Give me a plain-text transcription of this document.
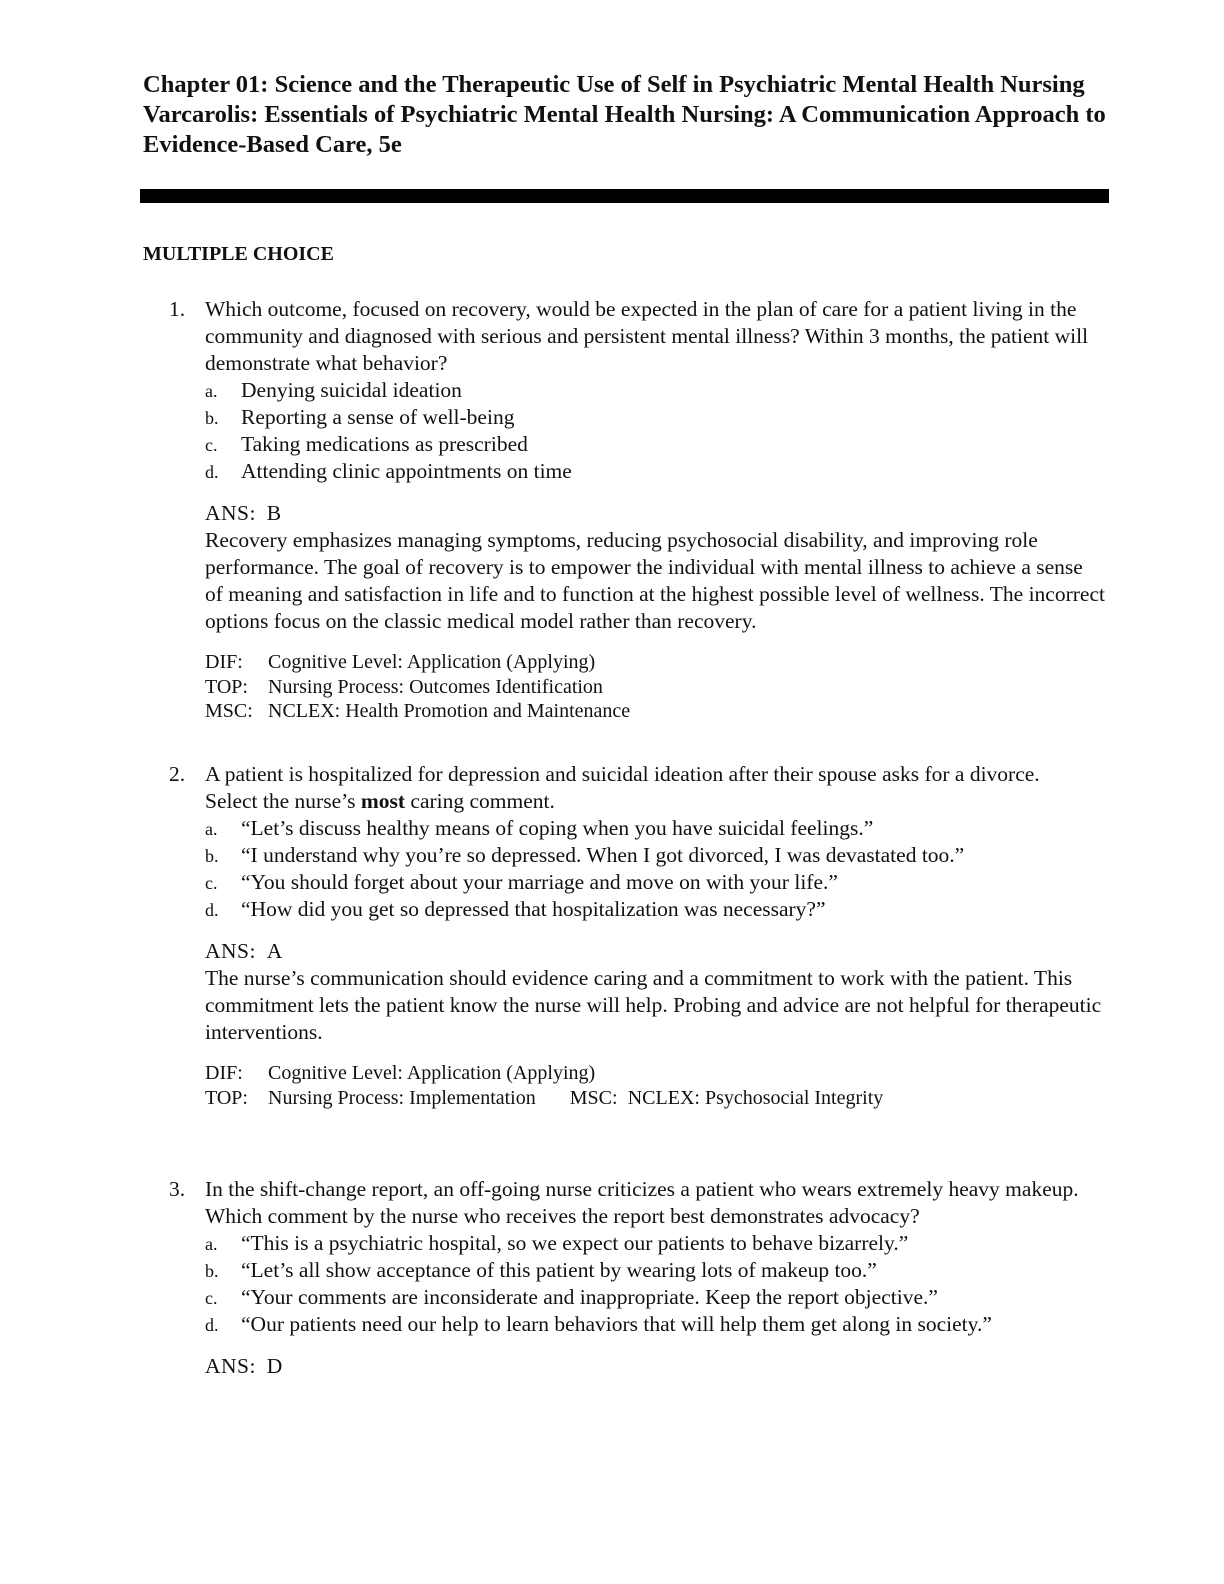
Chapter 01: Science and the Therapeutic Use of Self in Psychiatric Mental Health Nursing
Varcarolis: Essentials of Psychiatric Mental Health Nursing: A Communication Approach to Evidence-Based Care, 5e
MULTIPLE CHOICE
1. Which outcome, focused on recovery, would be expected in the plan of care for a patient living in the community and diagnosed with serious and persistent mental illness? Within 3 months, the patient will demonstrate what behavior?
a. Denying suicidal ideation
b. Reporting a sense of well-being
c. Taking medications as prescribed
d. Attending clinic appointments on time
ANS: B
Recovery emphasizes managing symptoms, reducing psychosocial disability, and improving role performance. The goal of recovery is to empower the individual with mental illness to achieve a sense of meaning and satisfaction in life and to function at the highest possible level of wellness. The incorrect options focus on the classic medical model rather than recovery.
DIF: Cognitive Level: Application (Applying)
TOP: Nursing Process: Outcomes Identification
MSC: NCLEX: Health Promotion and Maintenance
2. A patient is hospitalized for depression and suicidal ideation after their spouse asks for a divorce. Select the nurse’s most caring comment.
a. “Let’s discuss healthy means of coping when you have suicidal feelings.”
b. “I understand why you’re so depressed. When I got divorced, I was devastated too.”
c. “You should forget about your marriage and move on with your life.”
d. “How did you get so depressed that hospitalization was necessary?”
ANS: A
The nurse’s communication should evidence caring and a commitment to work with the patient. This commitment lets the patient know the nurse will help. Probing and advice are not helpful for therapeutic interventions.
DIF: Cognitive Level: Application (Applying)
TOP: Nursing Process: Implementation MSC: NCLEX: Psychosocial Integrity
3. In the shift-change report, an off-going nurse criticizes a patient who wears extremely heavy makeup. Which comment by the nurse who receives the report best demonstrates advocacy?
a. “This is a psychiatric hospital, so we expect our patients to behave bizarrely.”
b. “Let’s all show acceptance of this patient by wearing lots of makeup too.”
c. “Your comments are inconsiderate and inappropriate. Keep the report objective.”
d. “Our patients need our help to learn behaviors that will help them get along in society.”
ANS: D
